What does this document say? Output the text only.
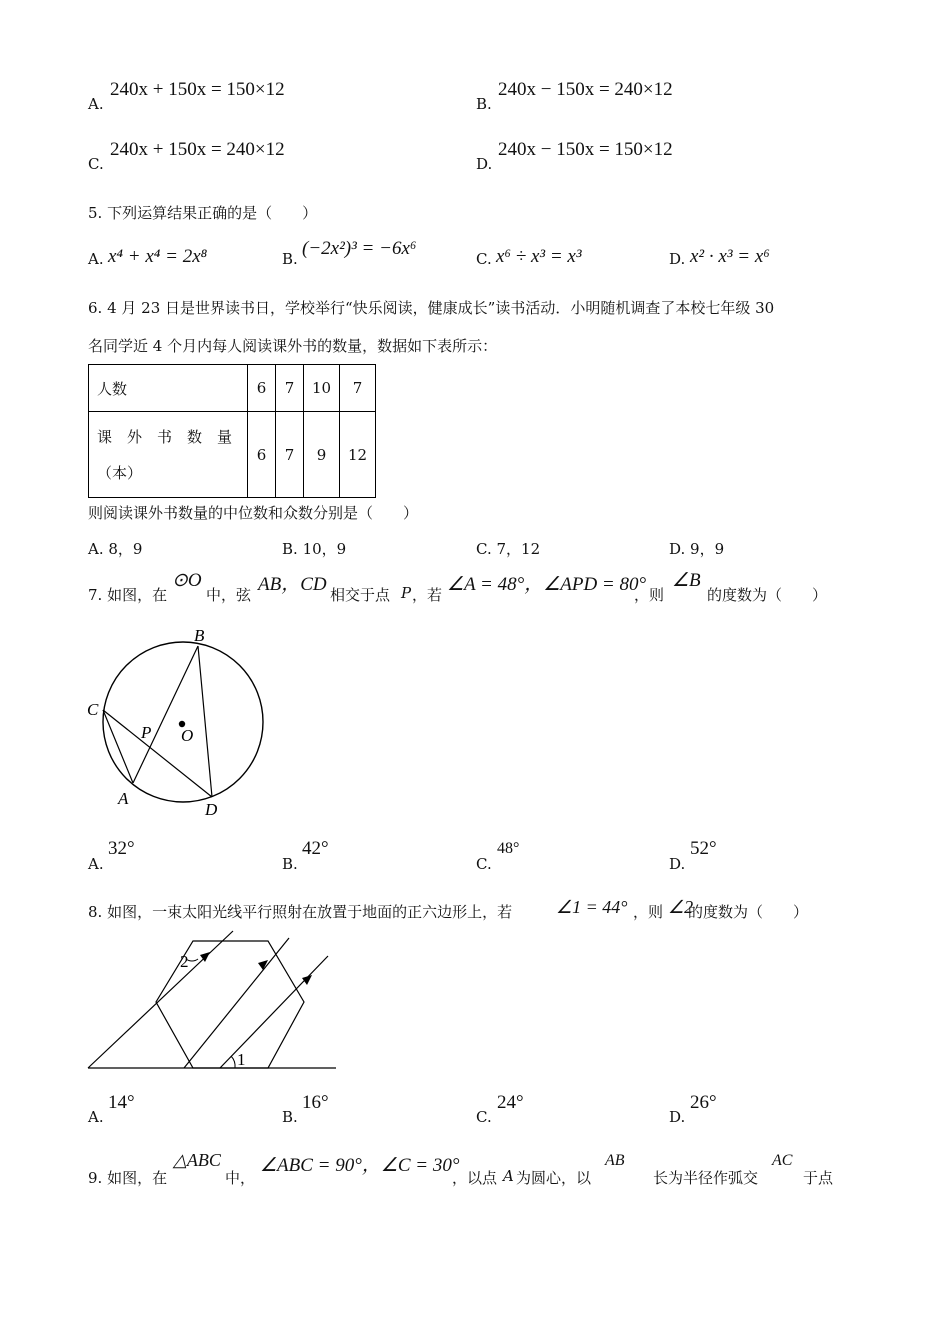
A.
240x + 150x = 150×12
B.
240x − 150x = 240×12
C.
240x + 150x = 240×12
D.
240x − 150x = 150×12
5. 下列运算结果正确的是（　　）
A. x⁴ + x⁴ = 2x⁸	B. (−2x²)³ = −6x⁶	C. x⁶ ÷ x³ = x³	D. x² · x³ = x⁶
6. 4 月 23 日是世界读书日，学校举行“快乐阅读，健康成长”读书活动．小明随机调查了本校七年级 30
名同学近 4 个月内每人阅读课外书的数量，数据如下表所示：
人数	6	7	10	7

课　外　书　数　量
（本）	6	7	9	12
则阅读课外书数量的中位数和众数分别是（　　）
A. 8，9	B. 10，9	C. 7，12	D. 9，9
7. 如图，在
⊙O
中，弦 AB，CD 相交于点 P ，若 ∠A = 48°，∠APD = 80°
，则
∠B
的度数为（　　）
B
C
P O
A
D
A.
32°
B.
42°
C.
48°
D.
52°
8. 如图，一束太阳光线平行照射在放置于地面的正六边形上，若 ∠1 = 44° ，则 ∠2
的度数为（　　）
1
2
A.
14°
B.
16°
C.
24°
D.
26°
9. 如图，在
△ABC
中，
∠ABC = 90°，∠C = 30°
，以点 A 为圆心，以
AB
长为半径作弧交
AC
于点
